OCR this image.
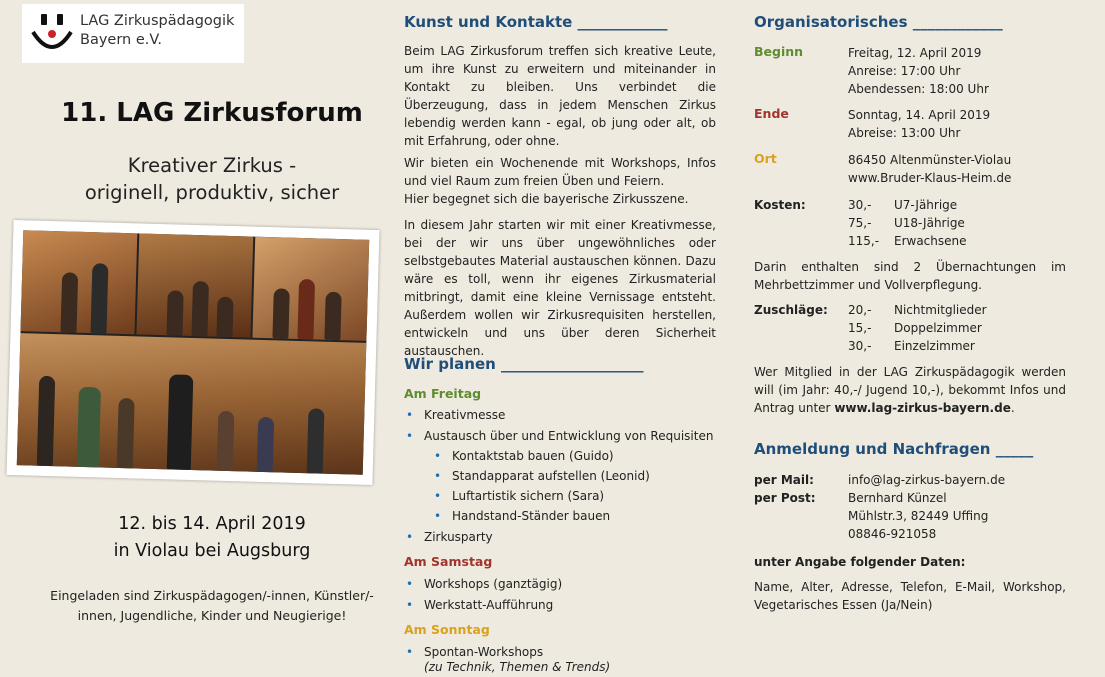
LAG Zirkuspädagogik
Bayern e.V.
11. LAG Zirkusforum
Kreativer Zirkus -
originell, produktiv, sicher
12. bis 14. April 2019
in Violau bei Augsburg
Eingeladen sind Zirkuspädagogen/-innen, Künstler/-innen, Jugendliche, Kinder und Neugierige!
Kunst und Kontakte ____________
Beim LAG Zirkusforum treffen sich kreative Leute, um ihre Kunst zu erweitern und miteinander in Kontakt zu bleiben. Uns verbindet die Überzeugung, dass in jedem Menschen Zirkus lebendig werden kann - egal, ob jung oder alt, ob mit Erfahrung, oder ohne.
Wir bieten ein Wochenende mit Workshops, Infos und viel Raum zum freien Üben und Feiern.
Hier begegnet sich die bayerische Zirkusszene.
In diesem Jahr starten wir mit einer Kreativmesse, bei der wir uns über ungewöhnliches oder selbstgebautes Material austauschen können. Dazu wäre es toll, wenn ihr eigenes Zirkusmaterial mitbringt, damit eine kleine Vernissage entsteht. Außerdem wollen wir Zirkusrequisiten herstellen, entwickeln und uns über deren Sicherheit austauschen.
Wir planen ___________________
Am Freitag
• Kreativmesse
• Austausch über und Entwicklung von Requisiten
• Kontaktstab bauen (Guido)
• Standapparat aufstellen (Leonid)
• Luftartistik sichern (Sara)
• Handstand-Ständer bauen
• Zirkusparty
Am Samstag
• Workshops (ganztägig)
• Werkstatt-Aufführung
Am Sonntag
• Spontan-Workshops
(zu Technik, Themen & Trends)
Organisatorisches ____________
Beginn	Freitag, 12. April 2019
Anreise: 17:00 Uhr
Abendessen: 18:00 Uhr
Ende	Sonntag, 14. April 2019
Abreise: 13:00 Uhr
Ort	86450 Altenmünster-Violau
www.Bruder-Klaus-Heim.de
Kosten:	30,- U7-Jährige
75,- U18-Jährige
115,- Erwachsene
Darin enthalten sind 2 Übernachtungen im Mehrbettzimmer und Vollverpflegung.
Zuschläge: 20,- Nichtmitglieder
15,- Doppelzimmer
30,- Einzelzimmer
Wer Mitglied in der LAG Zirkuspädagogik werden will (im Jahr: 40,-/ Jugend 10,-), bekommt Infos und Antrag unter www.lag-zirkus-bayern.de.
Anmeldung und Nachfragen _____
per Mail:	info@lag-zirkus-bayern.de
per Post:	Bernhard Künzel
Mühlstr.3, 82449 Uffing
08846-921058
unter Angabe folgender Daten:
Name, Alter, Adresse, Telefon, E-Mail, Workshop, Vegetarisches Essen (Ja/Nein)
